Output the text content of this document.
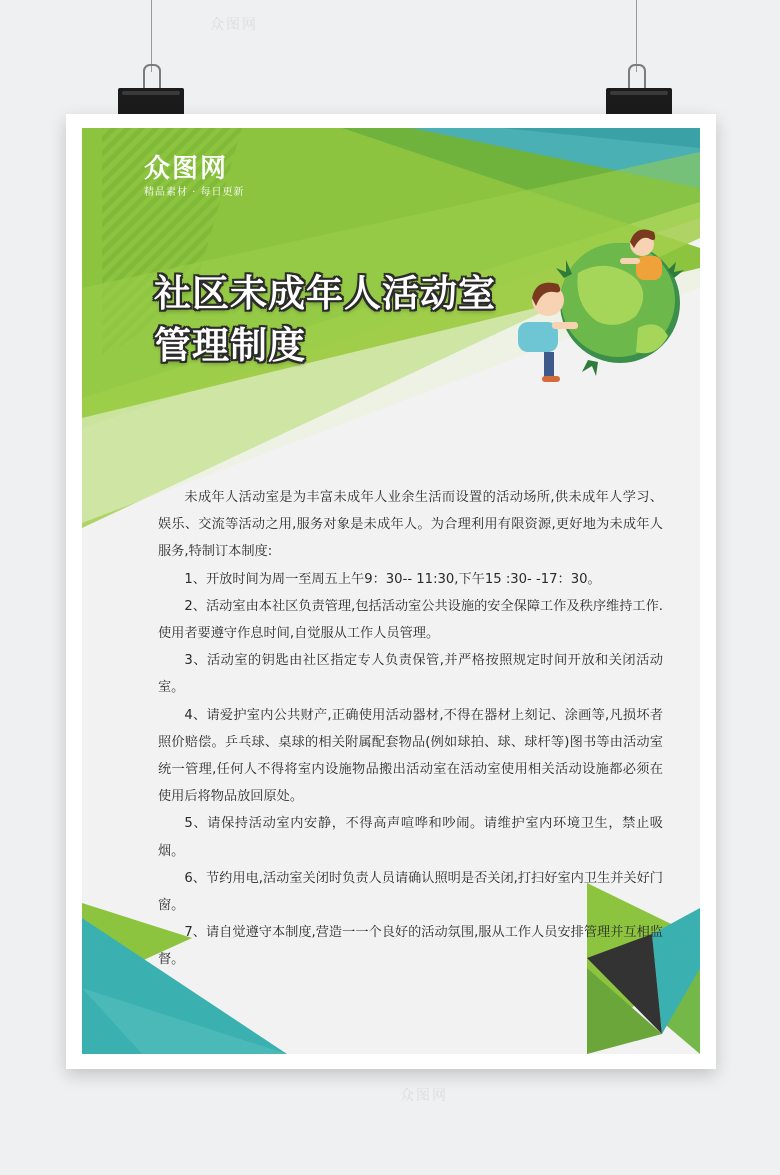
众图网
精品素材 · 每日更新
社区未成年人活动室
管理制度

未成年人活动室是为丰富未成年人业余生活而设置的活动场所,供未成年人学习、娱乐、交流等活动之用,服务对象是未成年人。为合理利用有限资源,更好地为未成年人服务,特制订本制度:

1、开放时间为周一至周五上午9：30-- 11:30,下午15 :30- -17：30。

2、活动室由本社区负责管理,包括活动室公共设施的安全保障工作及秩序维持工作.使用者要遵守作息时间,自觉服从工作人员管理。

3、活动室的钥匙由社区指定专人负责保管,并严格按照规定时间开放和关闭活动室。

4、请爱护室内公共财产,正确使用活动器材,不得在器材上刻记、涂画等,凡损坏者照价赔偿。乒乓球、桌球的相关附属配套物品(例如球拍、球、球杆等)图书等由活动室统一管理,任何人不得将室内设施物品搬出活动室在活动室使用相关活动设施都必须在使用后将物品放回原处。

5、请保持活动室内安静，不得高声喧哗和吵闹。请维护室内环境卫生，禁止吸烟。

6、节约用电,活动室关闭时负责人员请确认照明是否关闭,打扫好室内卫生并关好门窗。

7、请自觉遵守本制度,营造一一个良好的活动氛围,服从工作人员安排管理并互相监督。

众图网
众图网
